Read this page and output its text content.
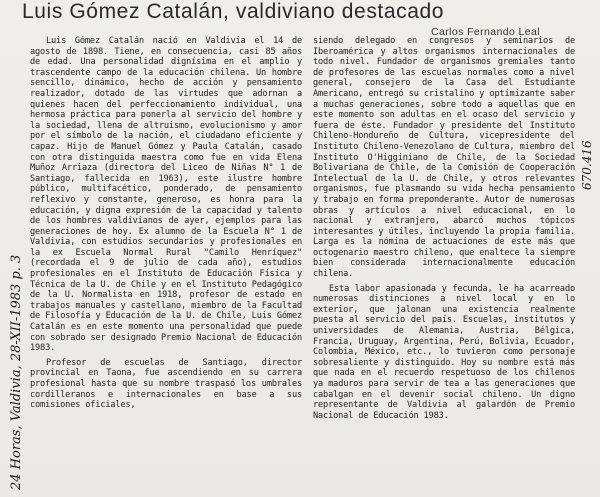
Luis Gómez Catalán, valdiviano destacado
Carlos Fernando Leal
24 Horas, Valdivia, 28-XII-1983 p. 3
670.416

Luis Gómez Catalán nació en Valdivia el 14 de agosto de 1898. Tiene, en consecuencia, casi 85 años de edad. Una personalidad dignísima en el amplio y trascendente campo de la educación chilena. Un hombre sencillo, dinámico, hecho de acción y pensamiento realizador, dotado de las virtudes que adornan a quienes hacen del perfeccionamiento individual, una hermosa práctica para ponerla al servicio del hombre y la sociedad, llena de altruismo, evolucionismo y amor por el símbolo de la nación, el ciudadano eficiente y capaz. Hijo de Manuel Gómez y Paula Catalán, casado con otra distinguida maestra como fue en vida Elena Muñoz Arriaza (directora del Liceo de Niñas N° 1 de Santiago, fallecida en 1963), este ilustre hombre público, multifacético, ponderado, de pensamiento reflexivo y constante, generoso, es honra para la educación, y digna expresión de la capacidad y talento de los hombres valdivianos de ayer, ejemplos para las generaciones de hoy. Ex alumno de la Escuela N° 1 de Valdivia, con estudios secundarios y profesionales en la ex Escuela Normal Rural "Camilo Henríquez" (recordada el 9 de julio de cada año), estudios profesionales en el Instituto de Educación Física y Técnica de la U. de Chile y en el Instituto Pedagógico de la U. Normalista en 1918, profesor de estado en trabajos manuales y castellano, miembro de la Facultad de Filosofía y Educación de la U. de Chile, Luis Gómez Catalán es en este momento una personalidad que puede con sobrado ser designado Premio Nacional de Educación 1983.

Profesor de escuelas de Santiago, director provincial en Taona, fue ascendiendo en su carrera profesional hasta que su nombre traspasó los umbrales cordilleranos e internacionales en base a sus comisiones oficiales,

siendo delegado en congresos y seminarios de Iberoamérica y altos organismos internacionales de todo nivel. Fundador de organismos gremiales tanto de profesores de las escuelas normales como a nivel general, consejero de la Casa del Estudiante Americano, entregó su cristalino y optimizante saber a muchas generaciones, sobre todo a aquellas que en este momento son adultas en el ocaso del servicio y fuera de éste. Fundador y presidente del Instituto Chileno-Hondureño de Cultura, vicepresidente del Instituto Chileno-Venezolano de Cultura, miembro del Instituto O'Higginiano de Chile, de la Sociedad Bolivariana de Chile, de la Comisión de Cooperación Intelectual de la U. de Chile, y otros relevantes organismos, fue plasmando su vida hecha pensamiento y trabajo en forma preponderante. Autor de numerosas obras y artículos a nivel educacional, en lo nacional y extranjero, abarcó muchos tópicos interesantes y útiles, incluyendo la propia familia. Larga es la nómina de actuaciones de este más que octogenario maestro chileno, que enaltece la siempre bien considerada internacionalmente educación chilena.

Esta labor apasionada y fecunda, le ha acarreado numerosas distinciones a nivel local y en lo exterior, que jalonan una existencia realmente puesta al servicio del país. Escuelas, institutos y universidades de Alemania, Austria, Bélgica, Francia, Uruguay, Argentina, Perú, Bolivia, Ecuador, Colombia, México, etc., lo tuvieron como personaje sobresaliente y distinguido. Hoy su nombre está más que nada en el recuerdo respetuoso de los chilenos ya maduros para servir de tea a las generaciones que cabalgan en el devenir social chileno. Un digno representante de Valdivia al galardón de Premio Nacional de Educación 1983.
